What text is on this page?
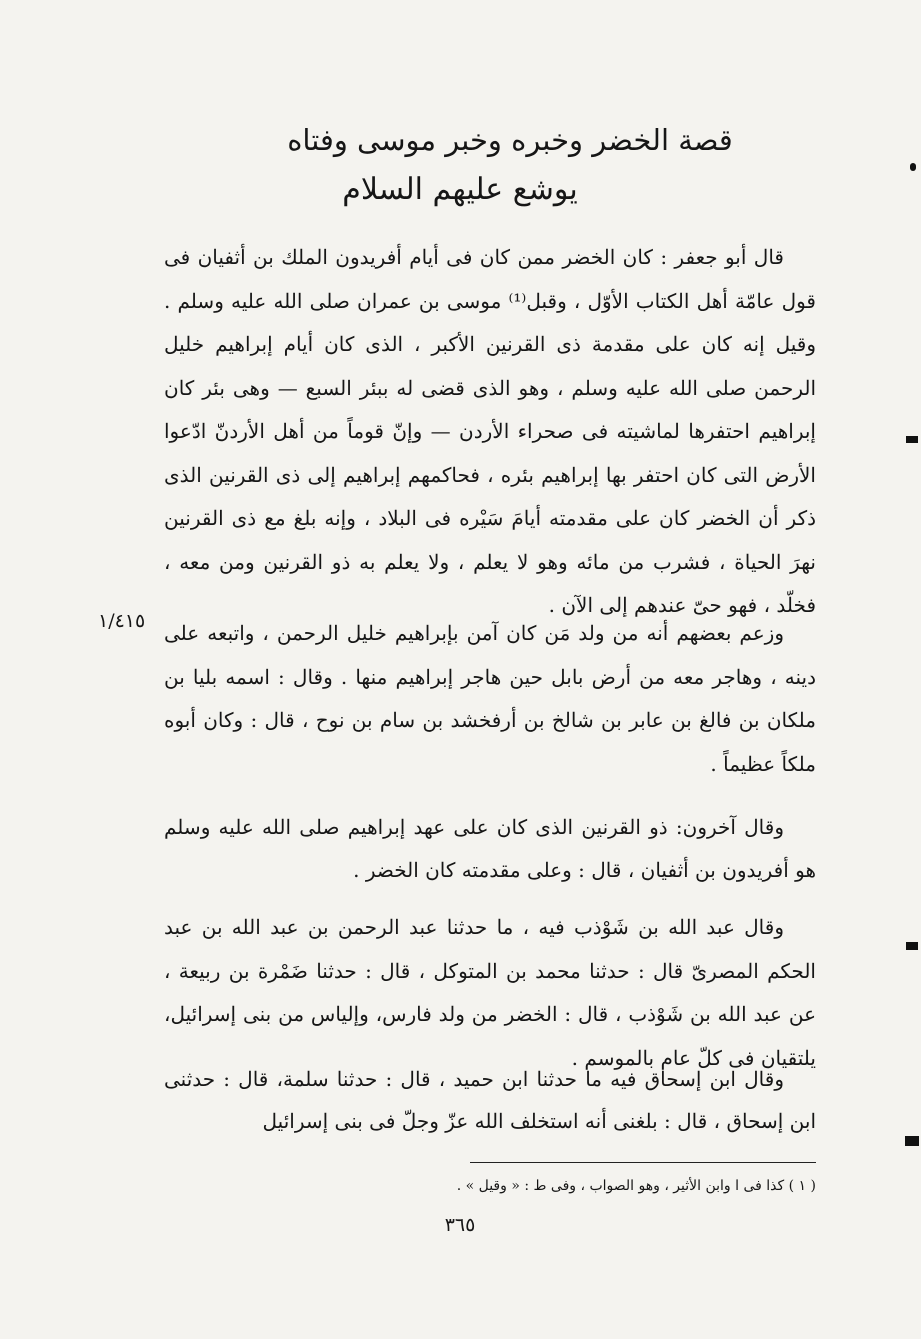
قصة الخضر وخبره وخبر موسى وفتاه
يوشع عليهم السلام

قال أبو جعفر : كان الخضر ممن كان فى أيام أفريدون الملك بن أثفيان فى قول عامّة أهل الكتاب الأوّل ، وقبل⁽¹⁾ موسى بن عمران صلى الله عليه وسلم . وقيل إنه كان على مقدمة ذى القرنين الأكبر ، الذى كان أيام إبراهيم خليل الرحمن صلى الله عليه وسلم ، وهو الذى قضى له ببئر السبع — وهى بئر كان إبراهيم احتفرها لماشيته فى صحراء الأردن — وإنّ قوماً من أهل الأردنّ ادّعوا الأرض التى كان احتفر بها إبراهيم بئره ، فحاكمهم إبراهيم إلى ذى القرنين الذى ذكر أن الخضر كان على مقدمته أيامَ سَيْره فى البلاد ، وإنه بلغ مع ذى القرنين نهرَ الحياة ، فشرب من مائه وهو لا يعلم ، ولا يعلم به ذو القرنين ومن معه ، فخلّد ، فهو حىّ عندهم إلى الآن .

١/٤١٥ وزعم بعضهم أنه من ولد مَن كان آمن بإبراهيم خليل الرحمن ، واتبعه على دينه ، وهاجر معه من أرض بابل حين هاجر إبراهيم منها . وقال : اسمه بليا بن ملكان بن فالغ بن عابر بن شالخ بن أرفخشد بن سام بن نوح ، قال : وكان أبوه ملكاً عظيماً .

وقال آخرون: ذو القرنين الذى كان على عهد إبراهيم صلى الله عليه وسلم هو أفريدون بن أثفيان ، قال : وعلى مقدمته كان الخضر .

وقال عبد الله بن شَوْذب فيه ، ما حدثنا عبد الرحمن بن عبد الله بن عبد الحكم المصرىّ قال : حدثنا محمد بن المتوكل ، قال : حدثنا ضَمْرة بن ربيعة ، عن عبد الله بن شَوْذب ، قال : الخضر من ولد فارس، وإلياس من بنى إسرائيل، يلتقيان فى كلّ عام بالموسم .

وقال ابن إسحاق فيه ما حدثنا ابن حميد ، قال : حدثنا سلمة، قال : حدثنى ابن إسحاق ، قال : بلغنى أنه استخلف الله عزّ وجلّ فى بنى إسرائيل

( ١ ) كذا فى ا وابن الأثير ، وهو الصواب ، وفى ط : « وقيل » .
٣٦٥
